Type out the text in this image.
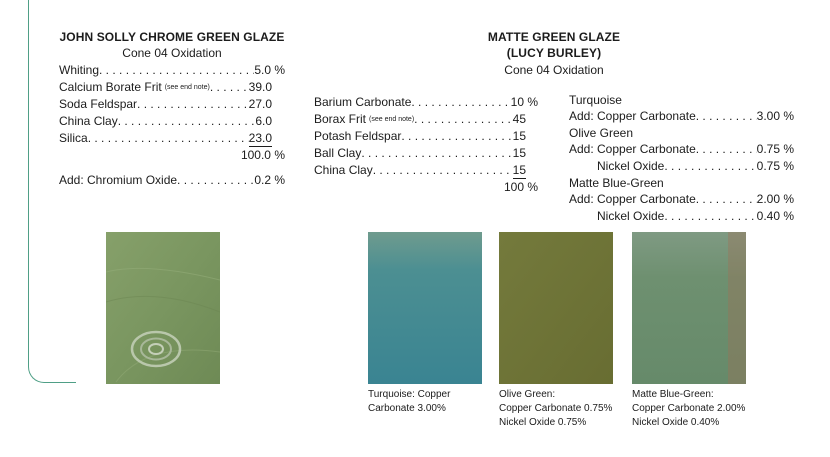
JOHN SOLLY CHROME GREEN GLAZE
Cone 04 Oxidation
Whiting . . .	5.0 %
Calcium Borate Frit (see end note) . . .	39.0
Soda Feldspar . . .	27.0
China Clay . . .	6.0
Silica . . .	23.0
100.0 %
Add: Chromium Oxide . . .	0.2 %
MATTE GREEN GLAZE
(LUCY BURLEY)
Cone 04 Oxidation
Barium Carbonate . . .	10 %
Borax Frit (see end note) . . .	45
Potash Feldspar . . .	15
Ball Clay . . .	15
China Clay . . .	15
100 %
Turquoise
Add: Copper Carbonate . . .	3.00 %
Olive Green
Add: Copper Carbonate . . .	0.75 %
Nickel Oxide . . .	0.75 %
Matte Blue-Green
Add: Copper Carbonate . . .	2.00 %
Nickel Oxide . . .	0.40 %
Turquoise: Copper
Carbonate 3.00%
Olive Green:
Copper Carbonate 0.75%
Nickel Oxide 0.75%
Matte Blue-Green:
Copper Carbonate 2.00%
Nickel Oxide 0.40%
